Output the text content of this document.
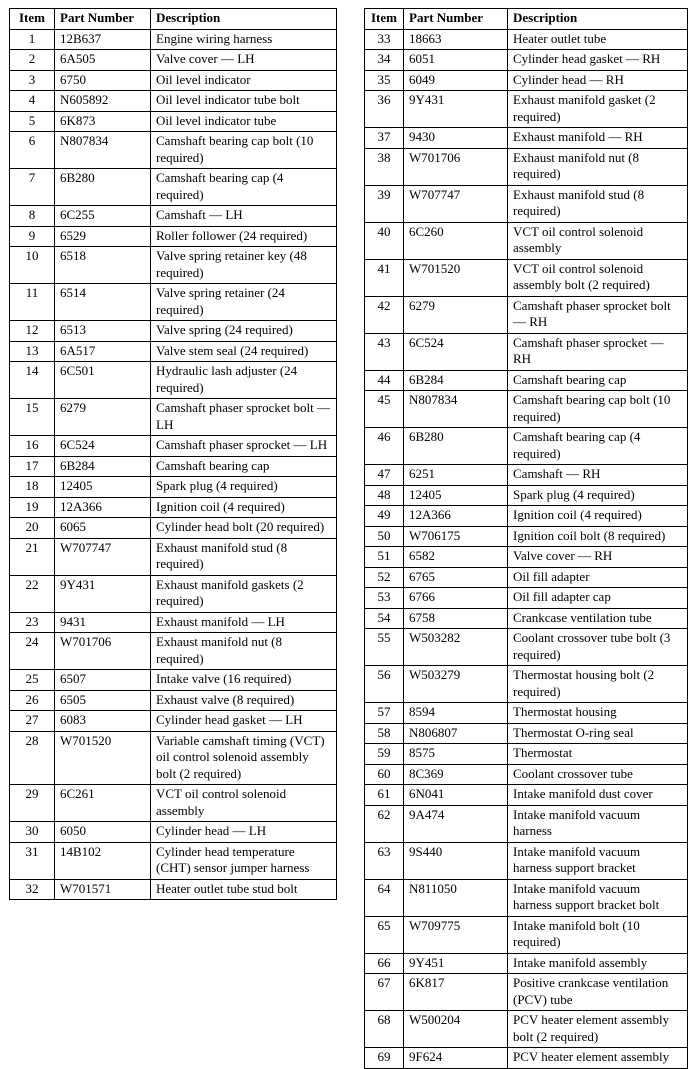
Item	Part Number	Description
1	12B637	Engine wiring harness
2	6A505	Valve cover — LH
3	6750	Oil level indicator
4	N605892	Oil level indicator tube bolt
5	6K873	Oil level indicator tube
6	N807834	Camshaft bearing cap bolt (10 required)
7	6B280	Camshaft bearing cap (4 required)
8	6C255	Camshaft — LH
9	6529	Roller follower (24 required)
10	6518	Valve spring retainer key (48 required)
11	6514	Valve spring retainer (24 required)
12	6513	Valve spring (24 required)
13	6A517	Valve stem seal (24 required)
14	6C501	Hydraulic lash adjuster (24 required)
15	6279	Camshaft phaser sprocket bolt — LH
16	6C524	Camshaft phaser sprocket — LH
17	6B284	Camshaft bearing cap
18	12405	Spark plug (4 required)
19	12A366	Ignition coil (4 required)
20	6065	Cylinder head bolt (20 required)
21	W707747	Exhaust manifold stud (8 required)
22	9Y431	Exhaust manifold gaskets (2 required)
23	9431	Exhaust manifold — LH
24	W701706	Exhaust manifold nut (8 required)
25	6507	Intake valve (16 required)
26	6505	Exhaust valve (8 required)
27	6083	Cylinder head gasket — LH
28	W701520	Variable camshaft timing (VCT) oil control solenoid assembly bolt (2 required)
29	6C261	VCT oil control solenoid assembly
30	6050	Cylinder head — LH
31	14B102	Cylinder head temperature (CHT) sensor jumper harness
32	W701571	Heater outlet tube stud bolt
Item	Part Number	Description
33	18663	Heater outlet tube
34	6051	Cylinder head gasket — RH
35	6049	Cylinder head — RH
36	9Y431	Exhaust manifold gasket (2 required)
37	9430	Exhaust manifold — RH
38	W701706	Exhaust manifold nut (8 required)
39	W707747	Exhaust manifold stud (8 required)
40	6C260	VCT oil control solenoid assembly
41	W701520	VCT oil control solenoid assembly bolt (2 required)
42	6279	Camshaft phaser sprocket bolt — RH
43	6C524	Camshaft phaser sprocket — RH
44	6B284	Camshaft bearing cap
45	N807834	Camshaft bearing cap bolt (10 required)
46	6B280	Camshaft bearing cap (4 required)
47	6251	Camshaft — RH
48	12405	Spark plug (4 required)
49	12A366	Ignition coil (4 required)
50	W706175	Ignition coil bolt (8 required)
51	6582	Valve cover — RH
52	6765	Oil fill adapter
53	6766	Oil fill adapter cap
54	6758	Crankcase ventilation tube
55	W503282	Coolant crossover tube bolt (3 required)
56	W503279	Thermostat housing bolt (2 required)
57	8594	Thermostat housing
58	N806807	Thermostat O-ring seal
59	8575	Thermostat
60	8C369	Coolant crossover tube
61	6N041	Intake manifold dust cover
62	9A474	Intake manifold vacuum harness
63	9S440	Intake manifold vacuum harness support bracket
64	N811050	Intake manifold vacuum harness support bracket bolt
65	W709775	Intake manifold bolt (10 required)
66	9Y451	Intake manifold assembly
67	6K817	Positive crankcase ventilation (PCV) tube
68	W500204	PCV heater element assembly bolt (2 required)
69	9F624	PCV heater element assembly
